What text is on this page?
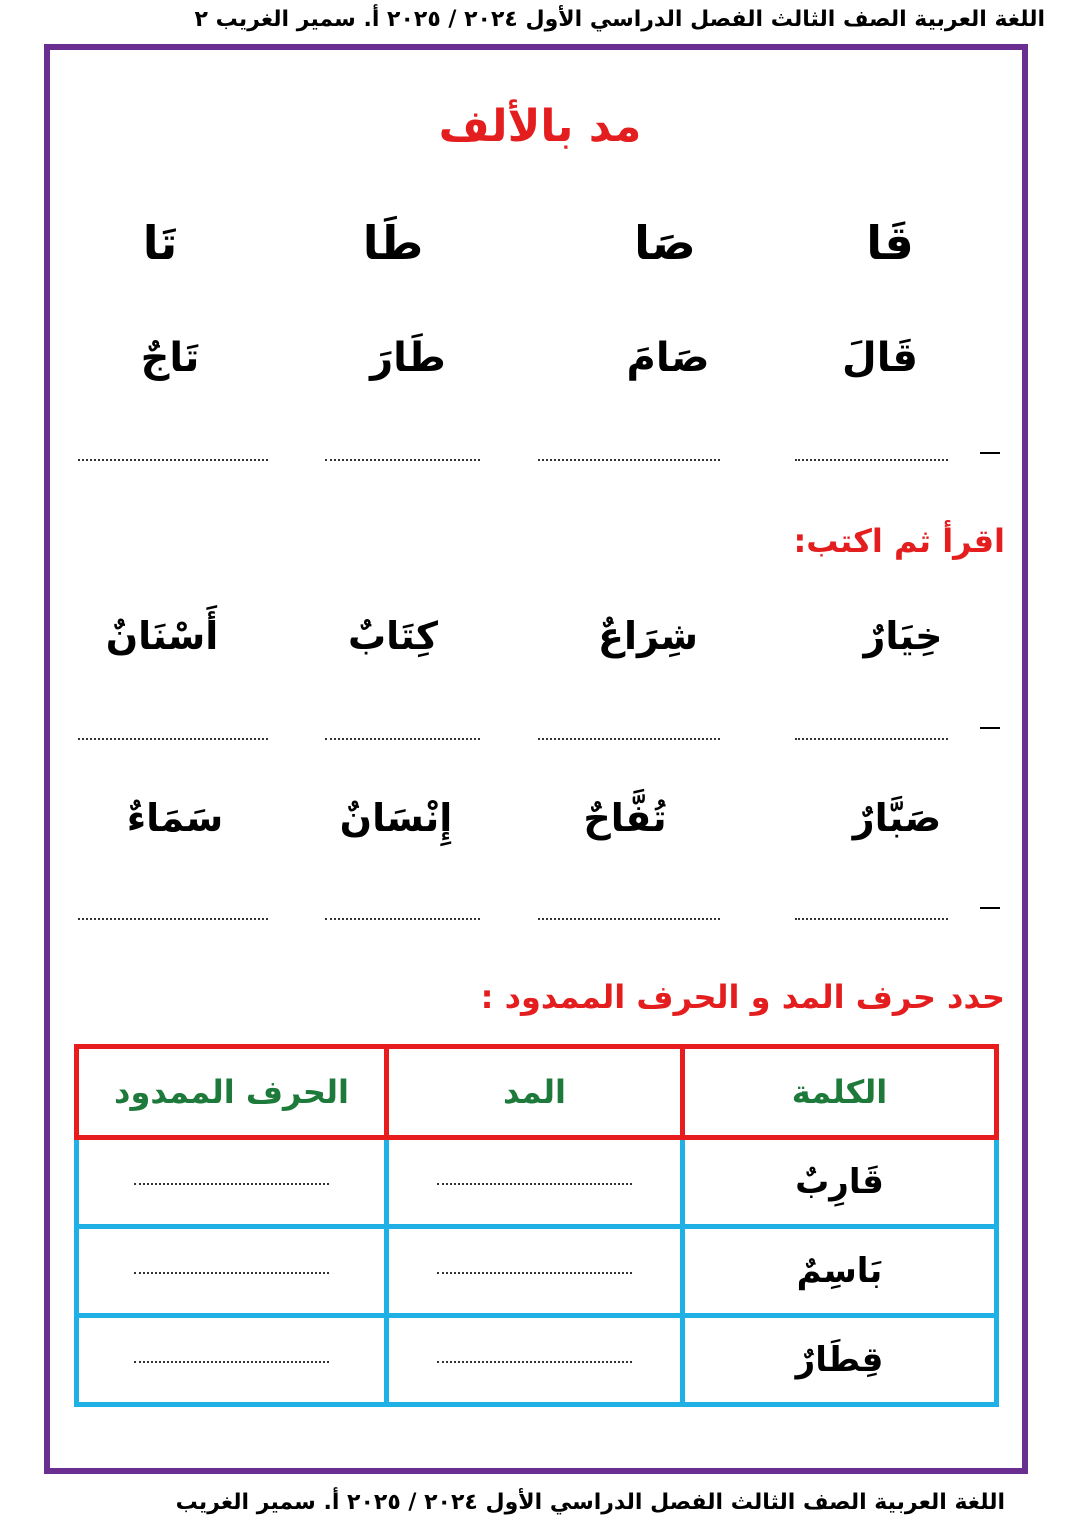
اللغة العربية الصف الثالث الفصل الدراسي الأول ٢٠٢٤ / ٢٠٢٥ أ. سمير الغريب ٢
مد بالألف
قَا
صَا
طَا
تَا
قَالَ
صَامَ
طَارَ
تَاجٌ
اقرأ ثم اكتب:
خِيَارٌ
شِرَاعٌ
كِتَابٌ
أَسْنَانٌ
صَبَّارٌ
تُفَّاحٌ
إِنْسَانٌ
سَمَاءٌ
حدد حرف المد و الحرف الممدود :
الكلمة	المد	الحرف الممدود
قَارِبٌ		
بَاسِمٌ		
قِطَارٌ		
اللغة العربية الصف الثالث الفصل الدراسي الأول ٢٠٢٤ / ٢٠٢٥ أ. سمير الغريب
